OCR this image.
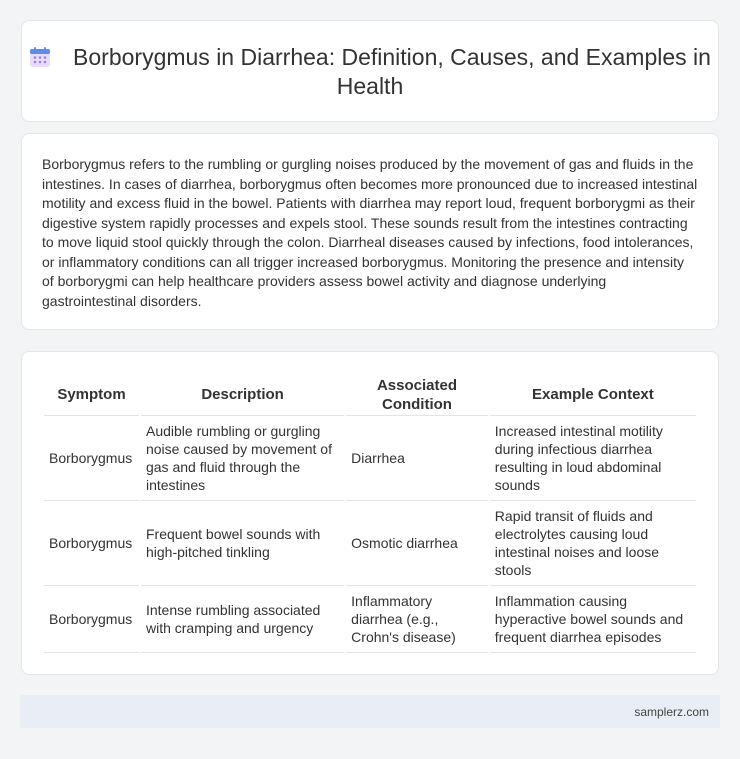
Borborygmus in Diarrhea: Definition, Causes, and Examples in Health

Borborygmus refers to the rumbling or gurgling noises produced by the movement of gas and fluids in the intestines. In cases of diarrhea, borborygmus often becomes more pronounced due to increased intestinal motility and excess fluid in the bowel. Patients with diarrhea may report loud, frequent borborygmi as their digestive system rapidly processes and expels stool. These sounds result from the intestines contracting to move liquid stool quickly through the colon. Diarrheal diseases caused by infections, food intolerances, or inflammatory conditions can all trigger increased borborygmus. Monitoring the presence and intensity of borborygmi can help healthcare providers assess bowel activity and diagnose underlying gastrointestinal disorders.

Symptom	Description	Associated Condition	Example Context
Borborygmus	Audible rumbling or gurgling noise caused by movement of gas and fluid through the intestines	Diarrhea	Increased intestinal motility during infectious diarrhea resulting in loud abdominal sounds
Borborygmus	Frequent bowel sounds with high-pitched tinkling	Osmotic diarrhea	Rapid transit of fluids and electrolytes causing loud intestinal noises and loose stools
Borborygmus	Intense rumbling associated with cramping and urgency	Inflammatory diarrhea (e.g., Crohn's disease)	Inflammation causing hyperactive bowel sounds and frequent diarrhea episodes
samplerz.com
